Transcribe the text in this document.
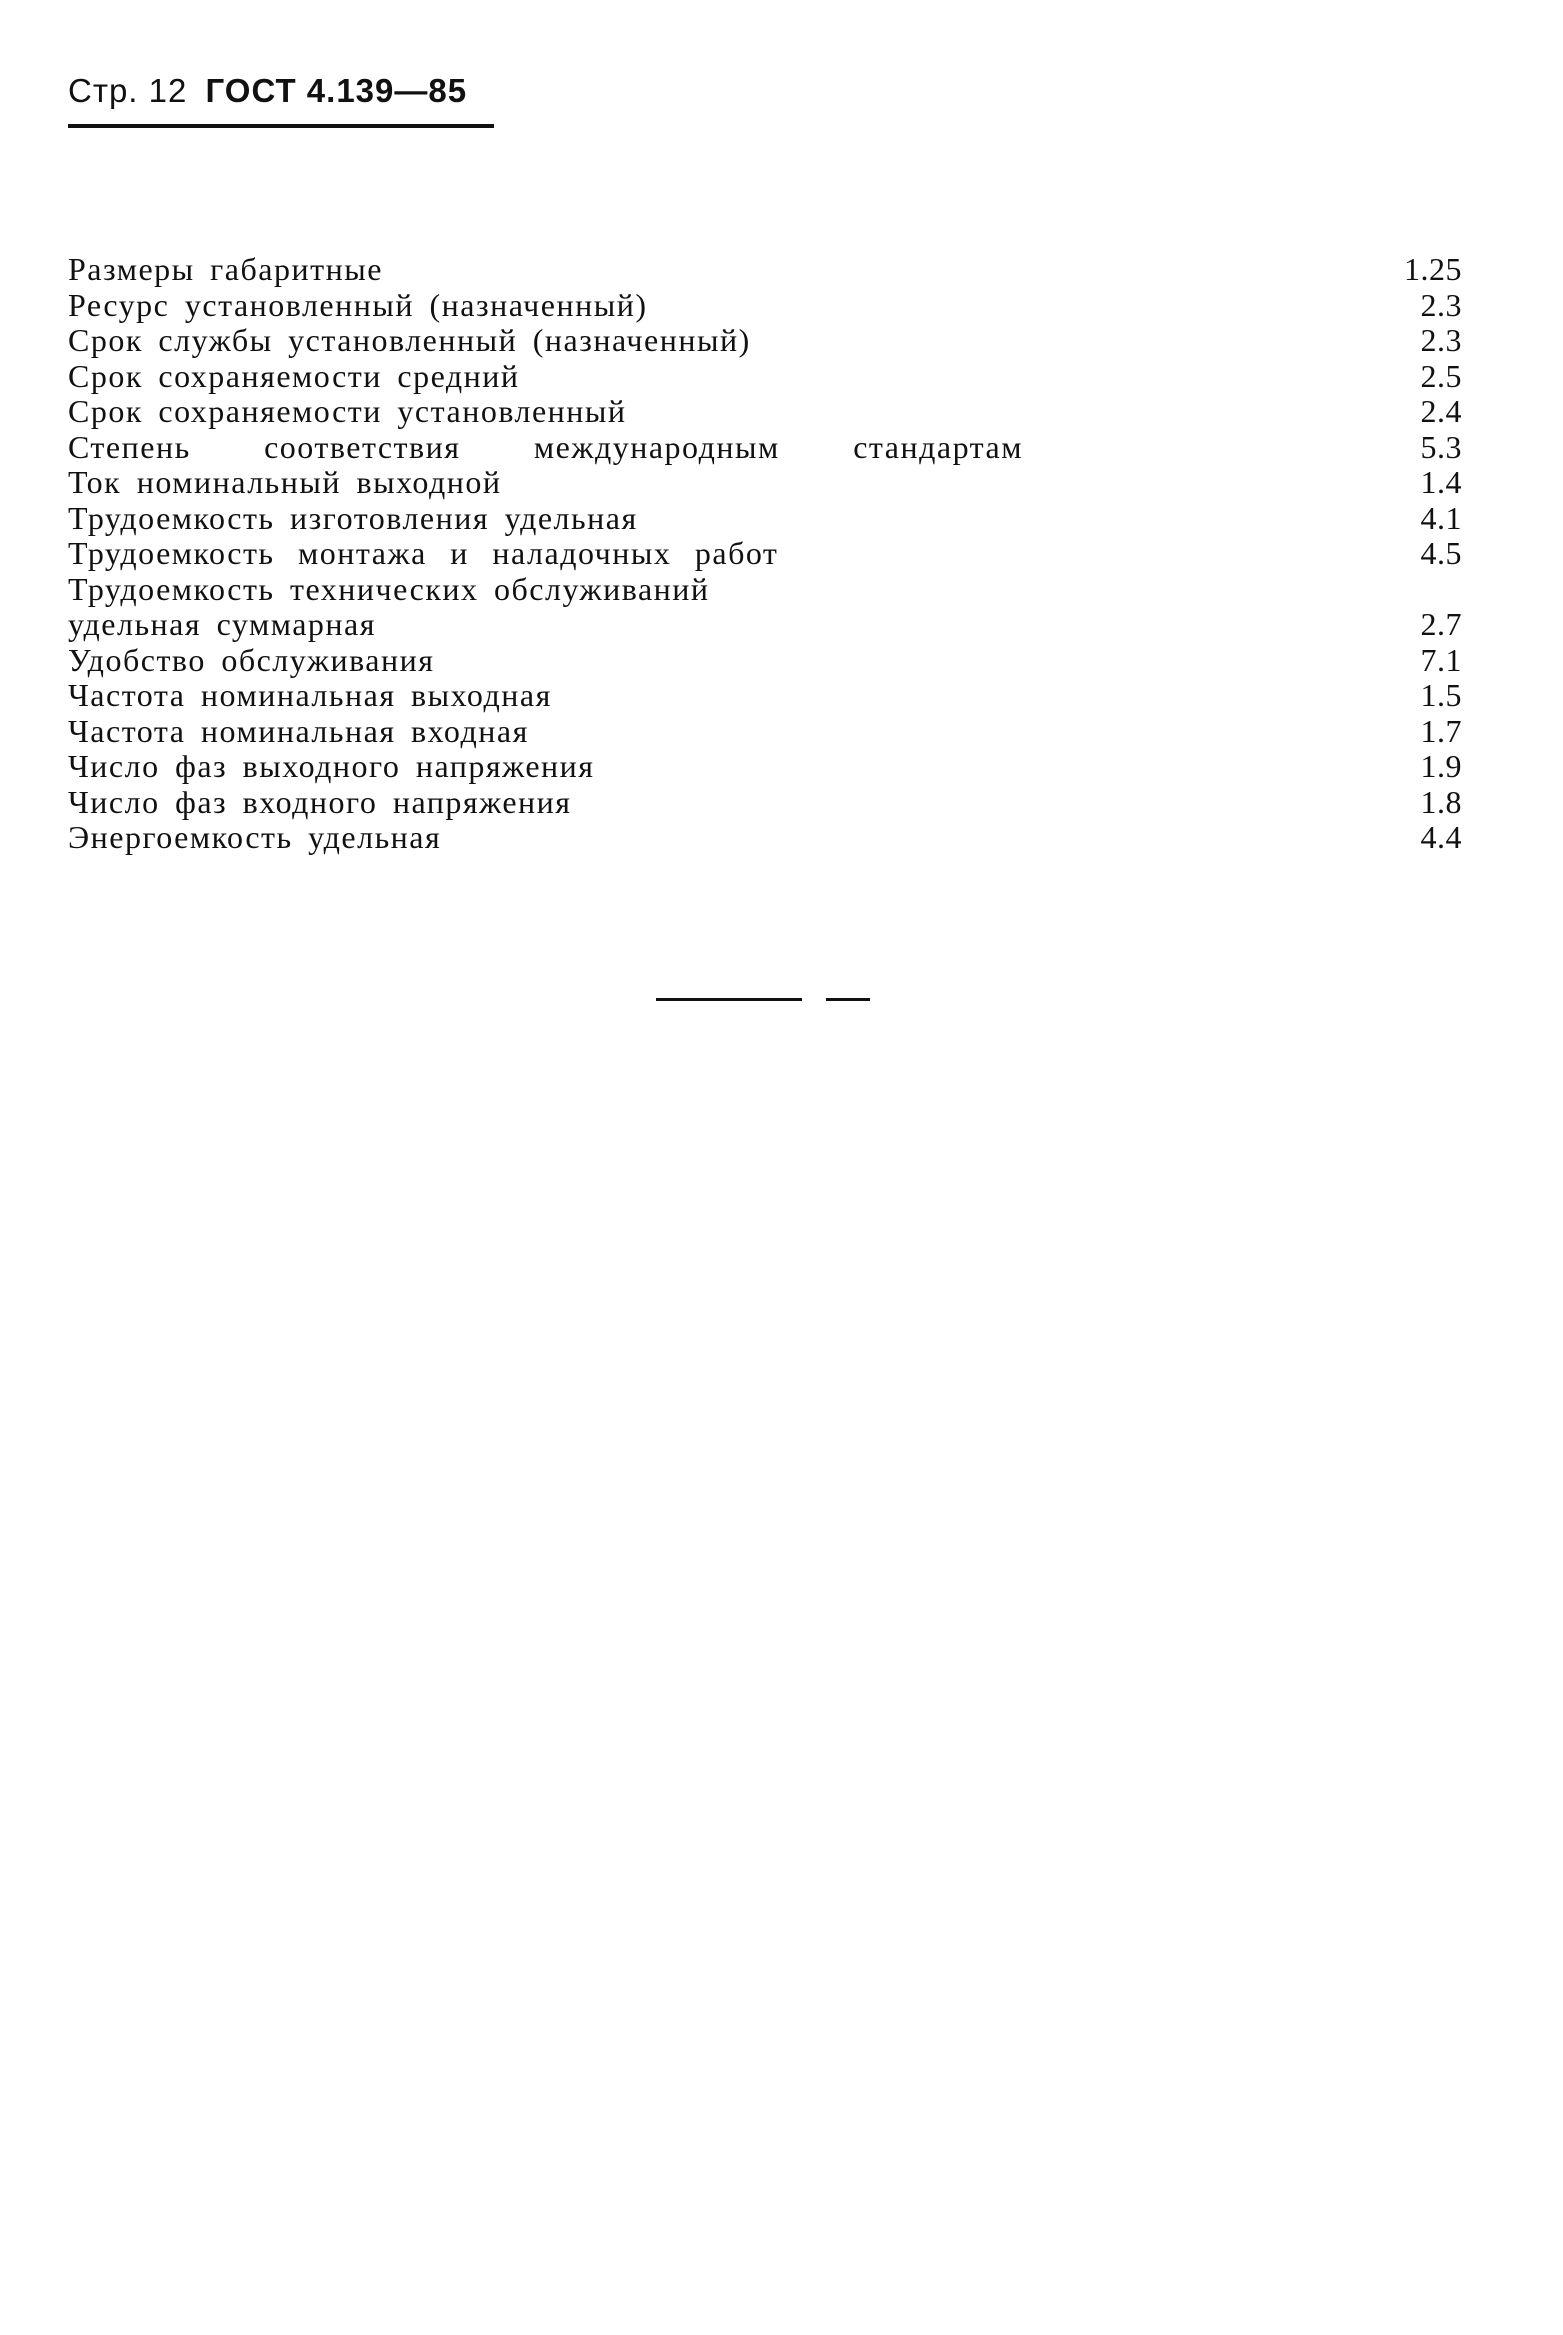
Стр. 12 ГОСТ 4.139—85
Размеры габаритные	1.25
Ресурс установленный (назначенный)	2.3
Срок службы установленный (назначенный)	2.3
Срок сохраняемости средний	2.5
Срок сохраняемости установленный	2.4
Степень соответствия международным стандартам	5.3
Ток номинальный выходной	1.4
Трудоемкость изготовления удельная	4.1
Трудоемкость монтажа и наладочных работ	4.5
Трудоемкость технических обслуживаний
удельная суммарная	2.7
Удобство обслуживания	7.1
Частота номинальная выходная	1.5
Частота номинальная входная	1.7
Число фаз выходного напряжения	1.9
Число фаз входного напряжения	1.8
Энергоемкость удельная	4.4
